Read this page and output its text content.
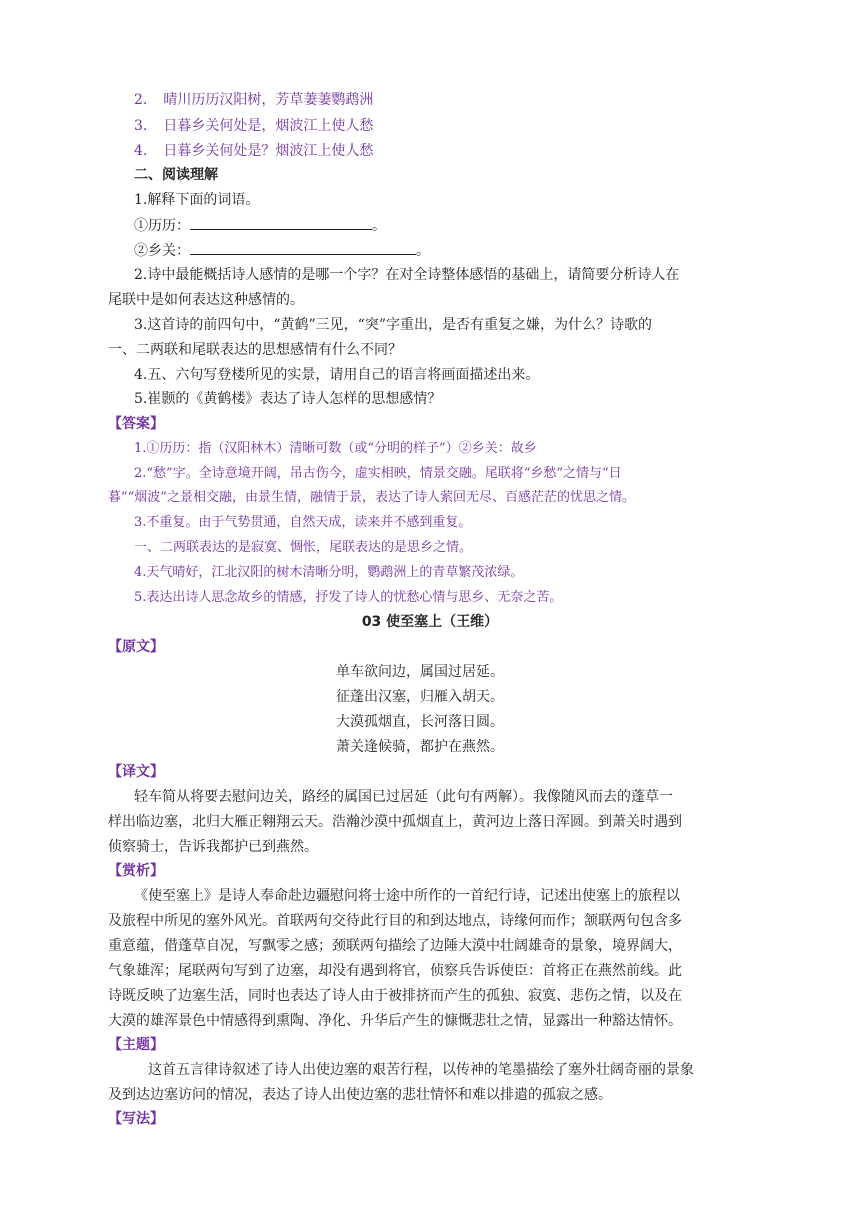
2. 晴川历历汉阳树，芳草萋萋鹦鹉洲
3. 日暮乡关何处是，烟波江上使人愁
4. 日暮乡关何处是？烟波江上使人愁
二、阅读理解
1.解释下面的词语。
①历历：	。
②乡关：	。
2.诗中最能概括诗人感情的是哪一个字？在对全诗整体感悟的基础上，请简要分析诗人在
尾联中是如何表达这种感情的。
3.这首诗的前四句中，“黄鹤”三见，“突”字重出，是否有重复之嫌，为什么？诗歌的
一、二两联和尾联表达的思想感情有什么不同？
4.五、六句写登楼所见的实景，请用自己的语言将画面描述出来。
5.崔颢的《黄鹤楼》表达了诗人怎样的思想感情？
【答案】
1.①历历：指（汉阳林木）清晰可数（或“分明的样子”）②乡关：故乡
2.“愁”字。全诗意境开阔，吊古伤今，虚实相映，情景交融。尾联将“乡愁”之情与“日
暮”“烟波”之景相交融，由景生情，融情于景，表达了诗人萦回无尽、百感茫茫的忧思之情。
3.不重复。由于气势贯通，自然天成，读来并不感到重复。
一、二两联表达的是寂寞、惆怅，尾联表达的是思乡之情。
4.天气晴好，江北汉阳的树木清晰分明，鹦鹉洲上的青草繁茂浓绿。
5.表达出诗人思念故乡的情感，抒发了诗人的忧愁心情与思乡、无奈之苦。
03 使至塞上（王维）
【原文】
单车欲问边，属国过居延。
征蓬出汉塞，归雁入胡天。
大漠孤烟直，长河落日圆。
萧关逢候骑，都护在燕然。
【译文】
轻车简从将要去慰问边关，路经的属国已过居延（此句有两解）。我像随风而去的蓬草一
样出临边塞，北归大雁正翱翔云天。浩瀚沙漠中孤烟直上，黄河边上落日浑圆。到萧关时遇到
侦察骑士，告诉我都护已到燕然。
【赏析】
《使至塞上》是诗人奉命赴边疆慰问将士途中所作的一首纪行诗，记述出使塞上的旅程以
及旅程中所见的塞外风光。首联两句交待此行目的和到达地点，诗缘何而作；颔联两句包含多
重意蕴，借蓬草自况，写飘零之感；颈联两句描绘了边陲大漠中壮阔雄奇的景象，境界阔大，
气象雄浑；尾联两句写到了边塞，却没有遇到将官，侦察兵告诉使臣：首将正在燕然前线。此
诗既反映了边塞生活，同时也表达了诗人由于被排挤而产生的孤独、寂寞、悲伤之情，以及在
大漠的雄浑景色中情感得到熏陶、净化、升华后产生的慷慨悲壮之情，显露出一种豁达情怀。
【主题】
这首五言律诗叙述了诗人出使边塞的艰苦行程，以传神的笔墨描绘了塞外壮阔奇丽的景象
及到达边塞访问的情况，表达了诗人出使边塞的悲壮情怀和难以排遣的孤寂之感。
【写法】
